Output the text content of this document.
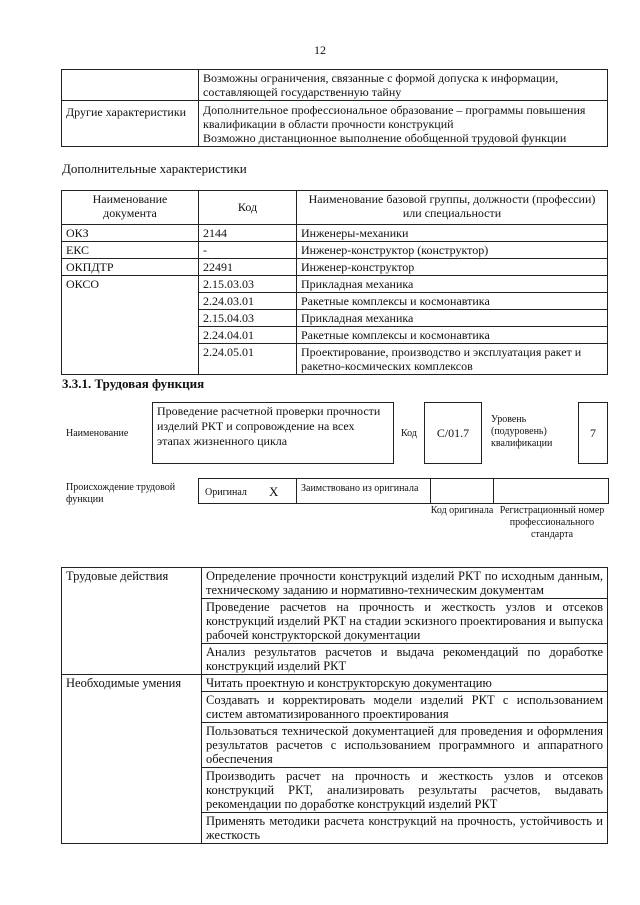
12
	Возможны ограничения, связанные с формой допуска к информации, составляющей государственную тайну
Другие характеристики	Дополнительное профессиональное образование – программы повышения квалификации в области прочности конструкций
Возможно дистанционное выполнение обобщенной трудовой функции
Дополнительные характеристики
Наименование документа	Код	Наименование базовой группы, должности (профессии) или специальности
ОКЗ	2144	Инженеры-механики
ЕКС	-	Инженер-конструктор (конструктор)
ОКПДТР	22491	Инженер-конструктор
ОКСО	2.15.03.03	Прикладная механика
	2.24.03.01	Ракетные комплексы и космонавтика
	2.15.04.03	Прикладная механика
	2.24.04.01	Ракетные комплексы и космонавтика
	2.24.05.01	Проектирование, производство и эксплуатация ракет и ракетно-космических комплексов
3.3.1. Трудовая функция
Наименование
Проведение расчетной проверки прочности изделий РКТ и сопровождение на всех этапах жизненного цикла
Код	C/01.7
Уровень (подуровень) квалификации
7
Происхождение трудовой функции
Оригинал X	Заимствовано из оригинала
Код оригинала Регистрационный номер профессионального стандарта
Трудовые действия	Определение прочности конструкций изделий РКТ по исходным данным, техническому заданию и нормативно-техническим документам
	Проведение расчетов на прочность и жесткость узлов и отсеков конструкций изделий РКТ на стадии эскизного проектирования и выпуска рабочей конструкторской документации
	Анализ результатов расчетов и выдача рекомендаций по доработке конструкций изделий РКТ
Необходимые умения	Читать проектную и конструкторскую документацию
	Создавать и корректировать модели изделий РКТ с использованием систем автоматизированного проектирования
	Пользоваться технической документацией для проведения и оформления результатов расчетов с использованием программного и аппаратного обеспечения
	Производить расчет на прочность и жесткость узлов и отсеков конструкций РКТ, анализировать результаты расчетов, выдавать рекомендации по доработке конструкций изделий РКТ
	Применять методики расчета конструкций на прочность, устойчивость и жесткость
